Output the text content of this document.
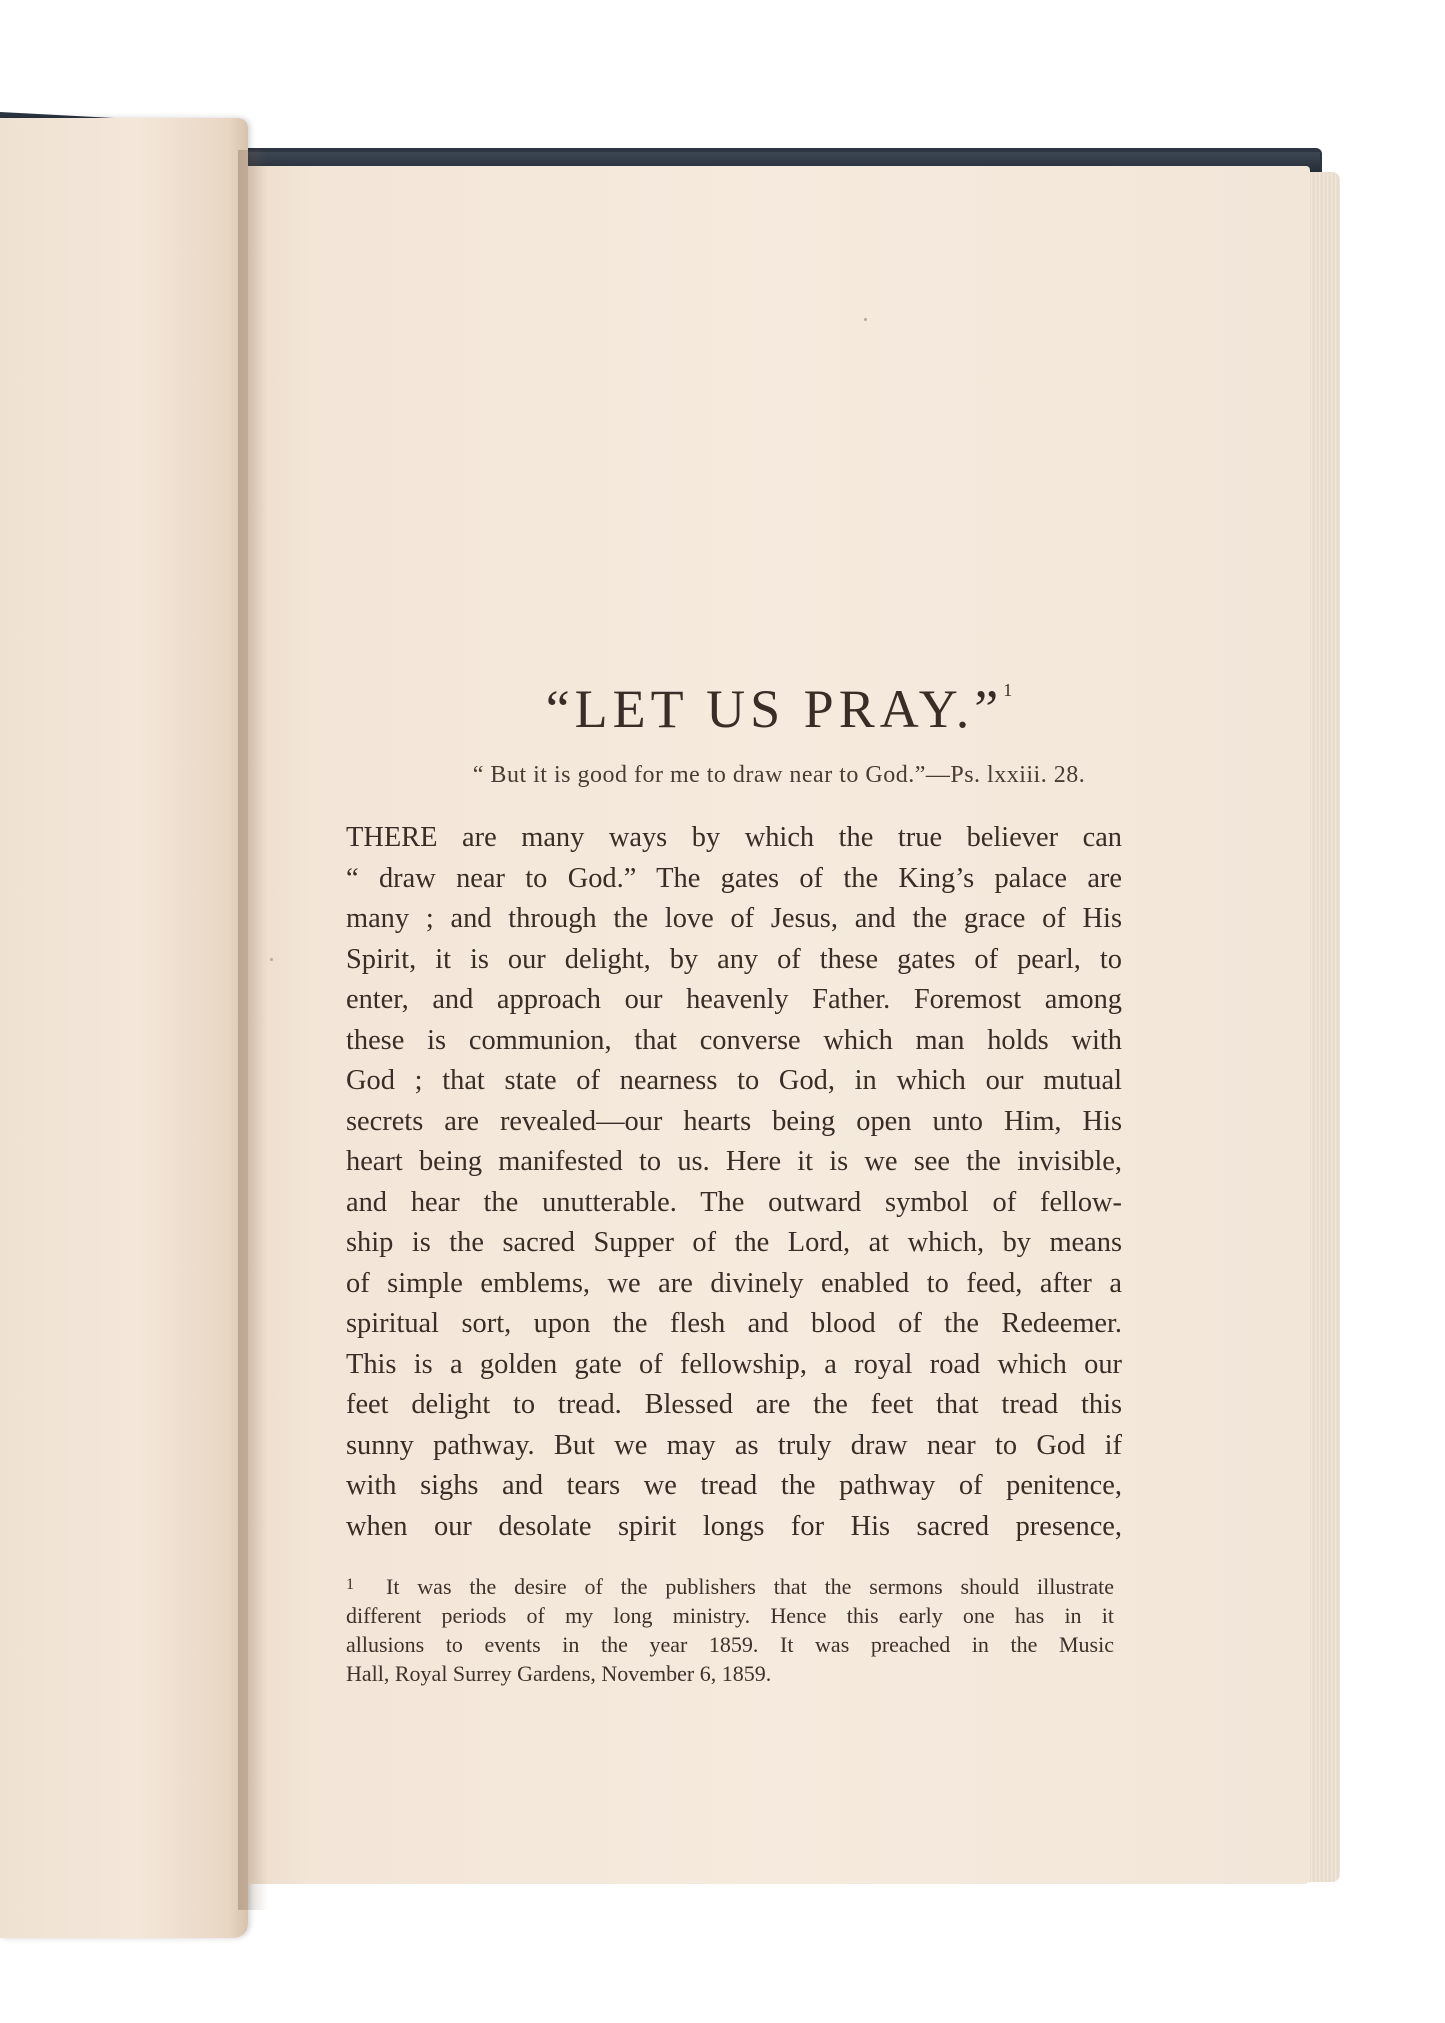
“LET US PRAY.”$^1$
“ But it is good for me to draw near to God.”—Ps. lxxiii. 28.
THERE are many ways by which the true believer can
“ draw near to God.” The gates of the King’s palace are
many ; and through the love of Jesus, and the grace of His
Spirit, it is our delight, by any of these gates of pearl, to
enter, and approach our heavenly Father. Foremost among
these is communion, that converse which man holds with
God ; that state of nearness to God, in which our mutual
secrets are revealed—our hearts being open unto Him, His
heart being manifested to us. Here it is we see the invisible,
and hear the unutterable. The outward symbol of fellow-
ship is the sacred Supper of the Lord, at which, by means
of simple emblems, we are divinely enabled to feed, after a
spiritual sort, upon the flesh and blood of the Redeemer.
This is a golden gate of fellowship, a royal road which our
feet delight to tread. Blessed are the feet that tread this
sunny pathway. But we may as truly draw near to God if
with sighs and tears we tread the pathway of penitence,
when our desolate spirit longs for His sacred presence,
1 It was the desire of the publishers that the sermons should illustrate
different periods of my long ministry. Hence this early one has in it
allusions to events in the year 1859. It was preached in the Music
Hall, Royal Surrey Gardens, November 6, 1859.
